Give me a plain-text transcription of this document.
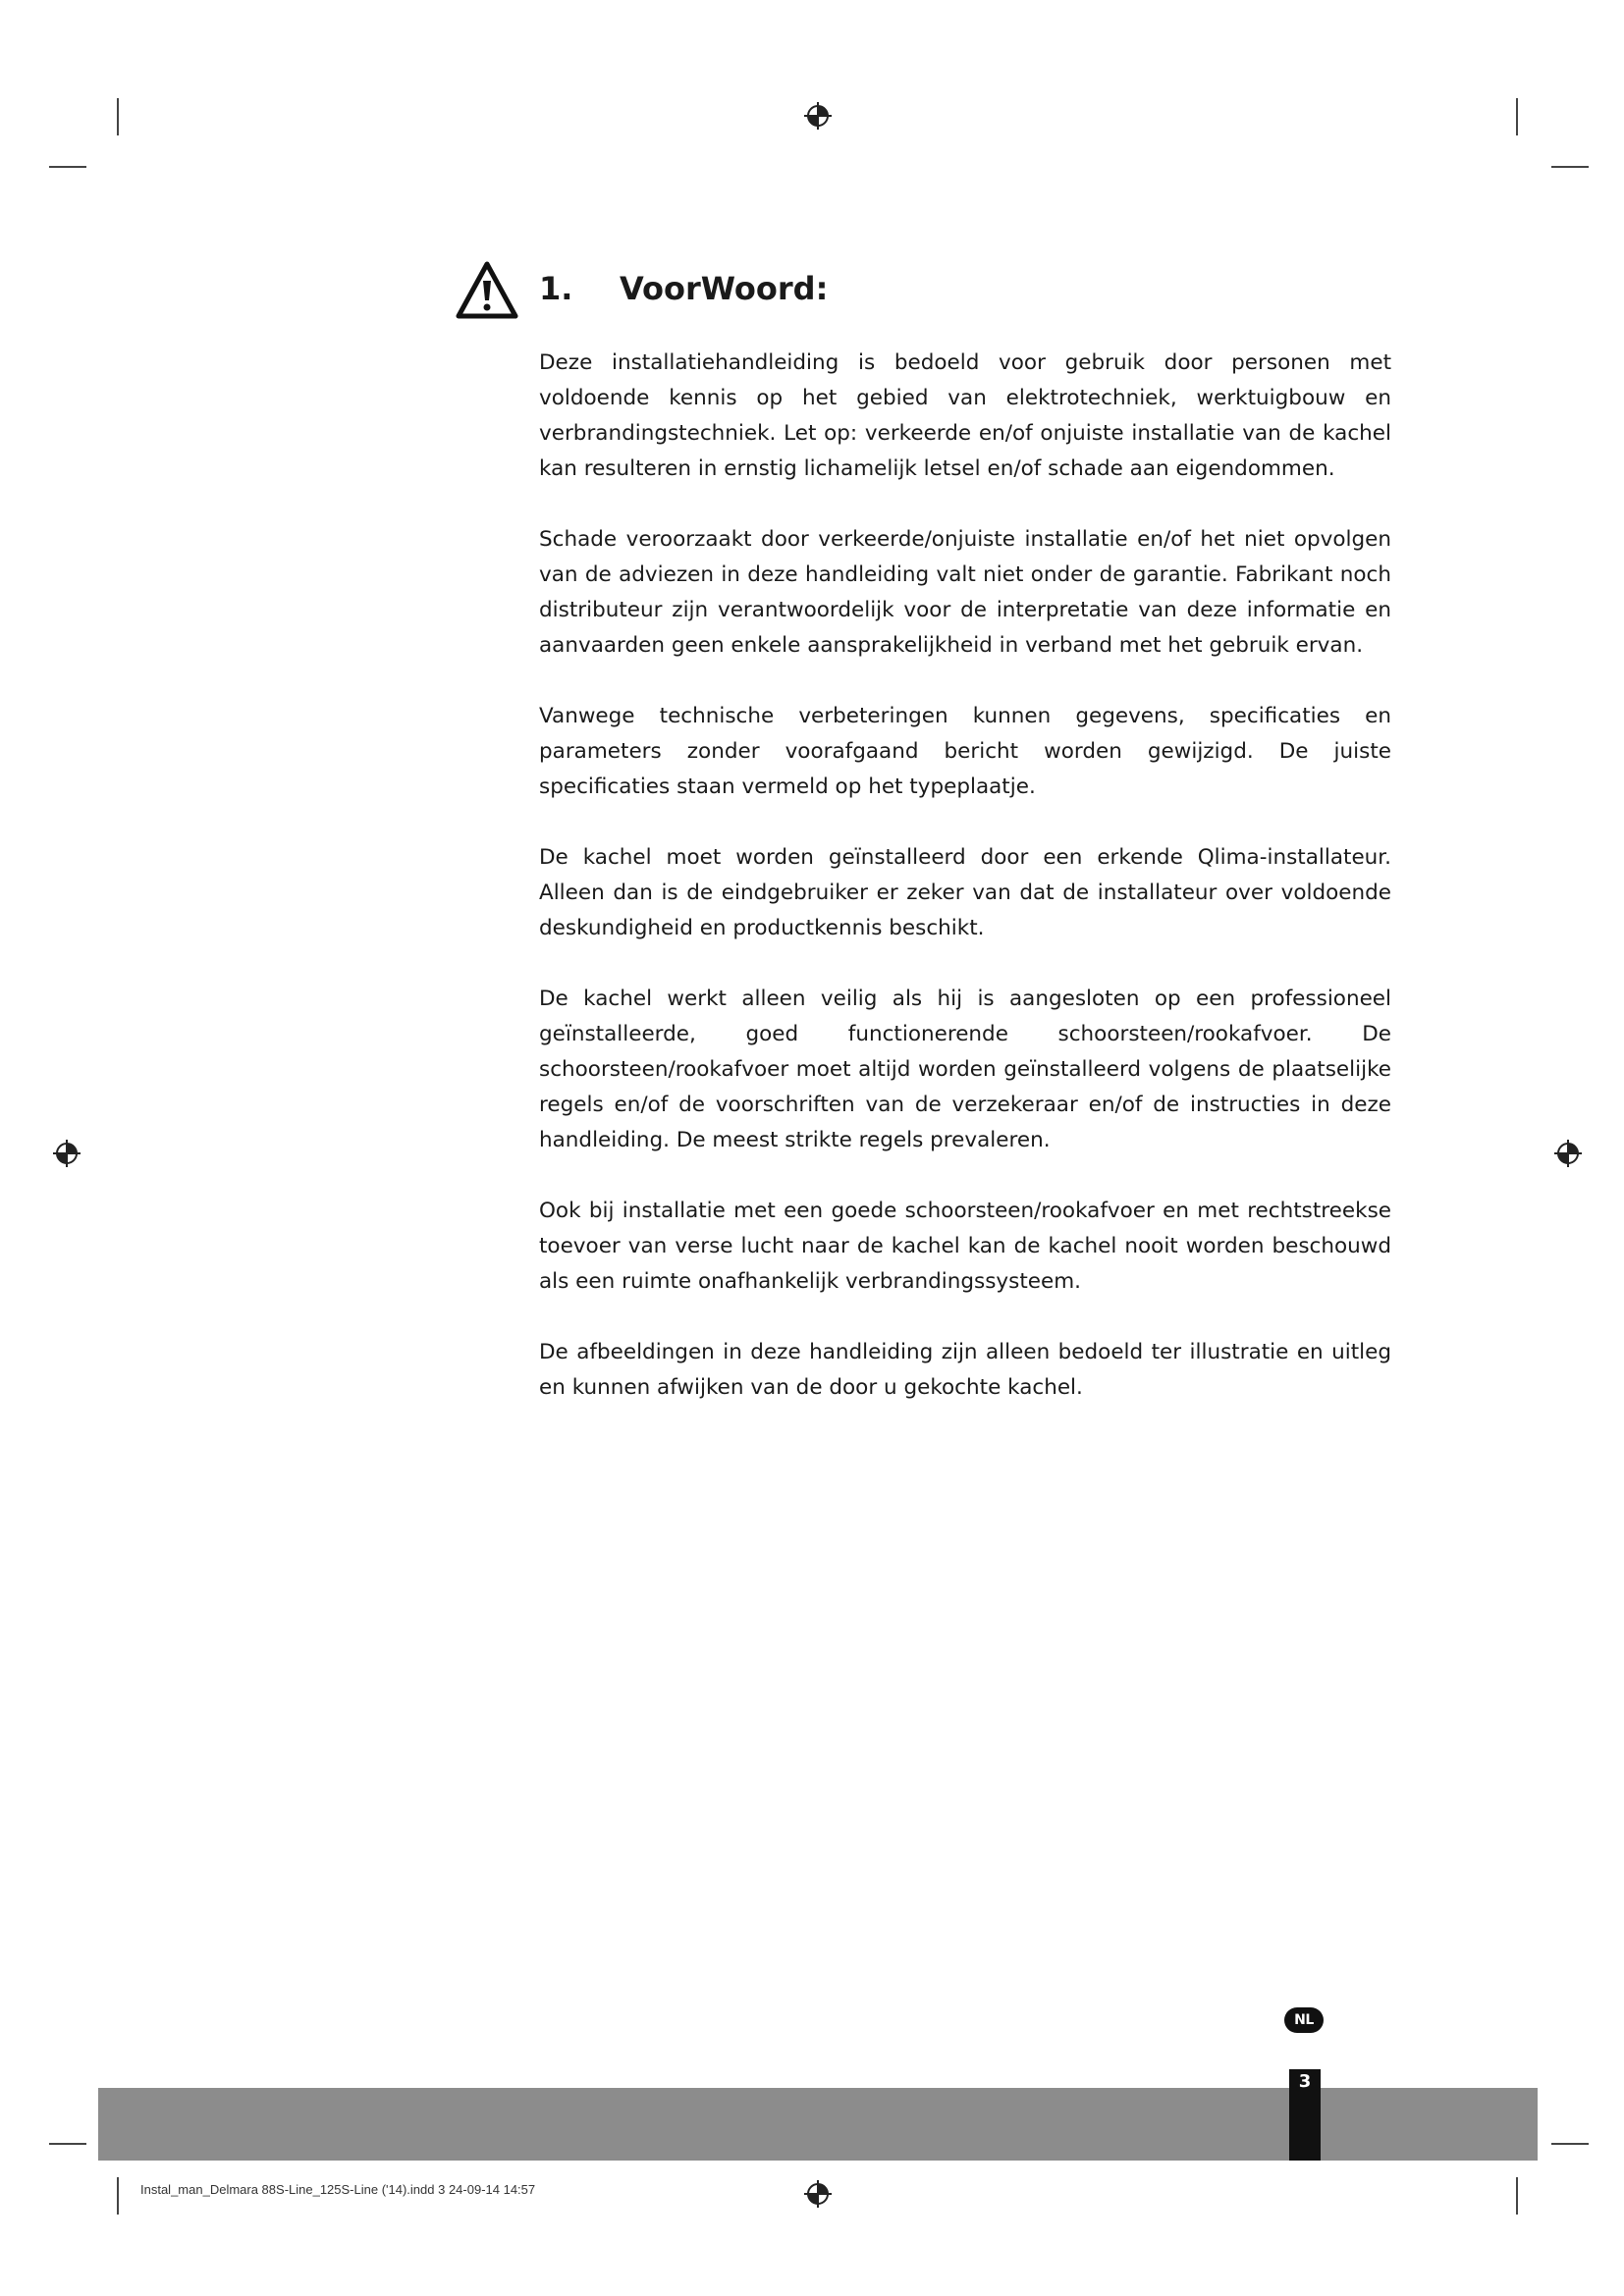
1. VoorWoord:

Deze installatiehandleiding is bedoeld voor gebruik door personen met voldoende kennis op het gebied van elektrotechniek, werktuigbouw en verbrandingstechniek. Let op: verkeerde en/of onjuiste installatie van de kachel kan resulteren in ernstig lichamelijk letsel en/of schade aan eigendommen.

Schade veroorzaakt door verkeerde/onjuiste installatie en/of het niet opvolgen van de adviezen in deze handleiding valt niet onder de garantie. Fabrikant noch distributeur zijn verantwoordelijk voor de interpretatie van deze informatie en aanvaarden geen enkele aansprakelijkheid in verband met het gebruik ervan.

Vanwege technische verbeteringen kunnen gegevens, specificaties en parameters zonder voorafgaand bericht worden gewijzigd. De juiste specificaties staan vermeld op het typeplaatje.

De kachel moet worden geïnstalleerd door een erkende Qlima-installateur. Alleen dan is de eindgebruiker er zeker van dat de installateur over voldoende deskundigheid en productkennis beschikt.

De kachel werkt alleen veilig als hij is aangesloten op een professioneel geïnstalleerde, goed functionerende schoorsteen/rookafvoer. De schoorsteen/rookafvoer moet altijd worden geïnstalleerd volgens de plaatselijke regels en/of de voorschriften van de verzekeraar en/of de instructies in deze handleiding. De meest strikte regels prevaleren.

Ook bij installatie met een goede schoorsteen/rookafvoer en met rechtstreekse toevoer van verse lucht naar de kachel kan de kachel nooit worden beschouwd als een ruimte onafhankelijk verbrandingssysteem.

De afbeeldingen in deze handleiding zijn alleen bedoeld ter illustratie en uitleg en kunnen afwijken van de door u gekochte kachel.

NL
3
Instal_man_Delmara 88S-Line_125S-Line ('14).indd 3 24-09-14 14:57
